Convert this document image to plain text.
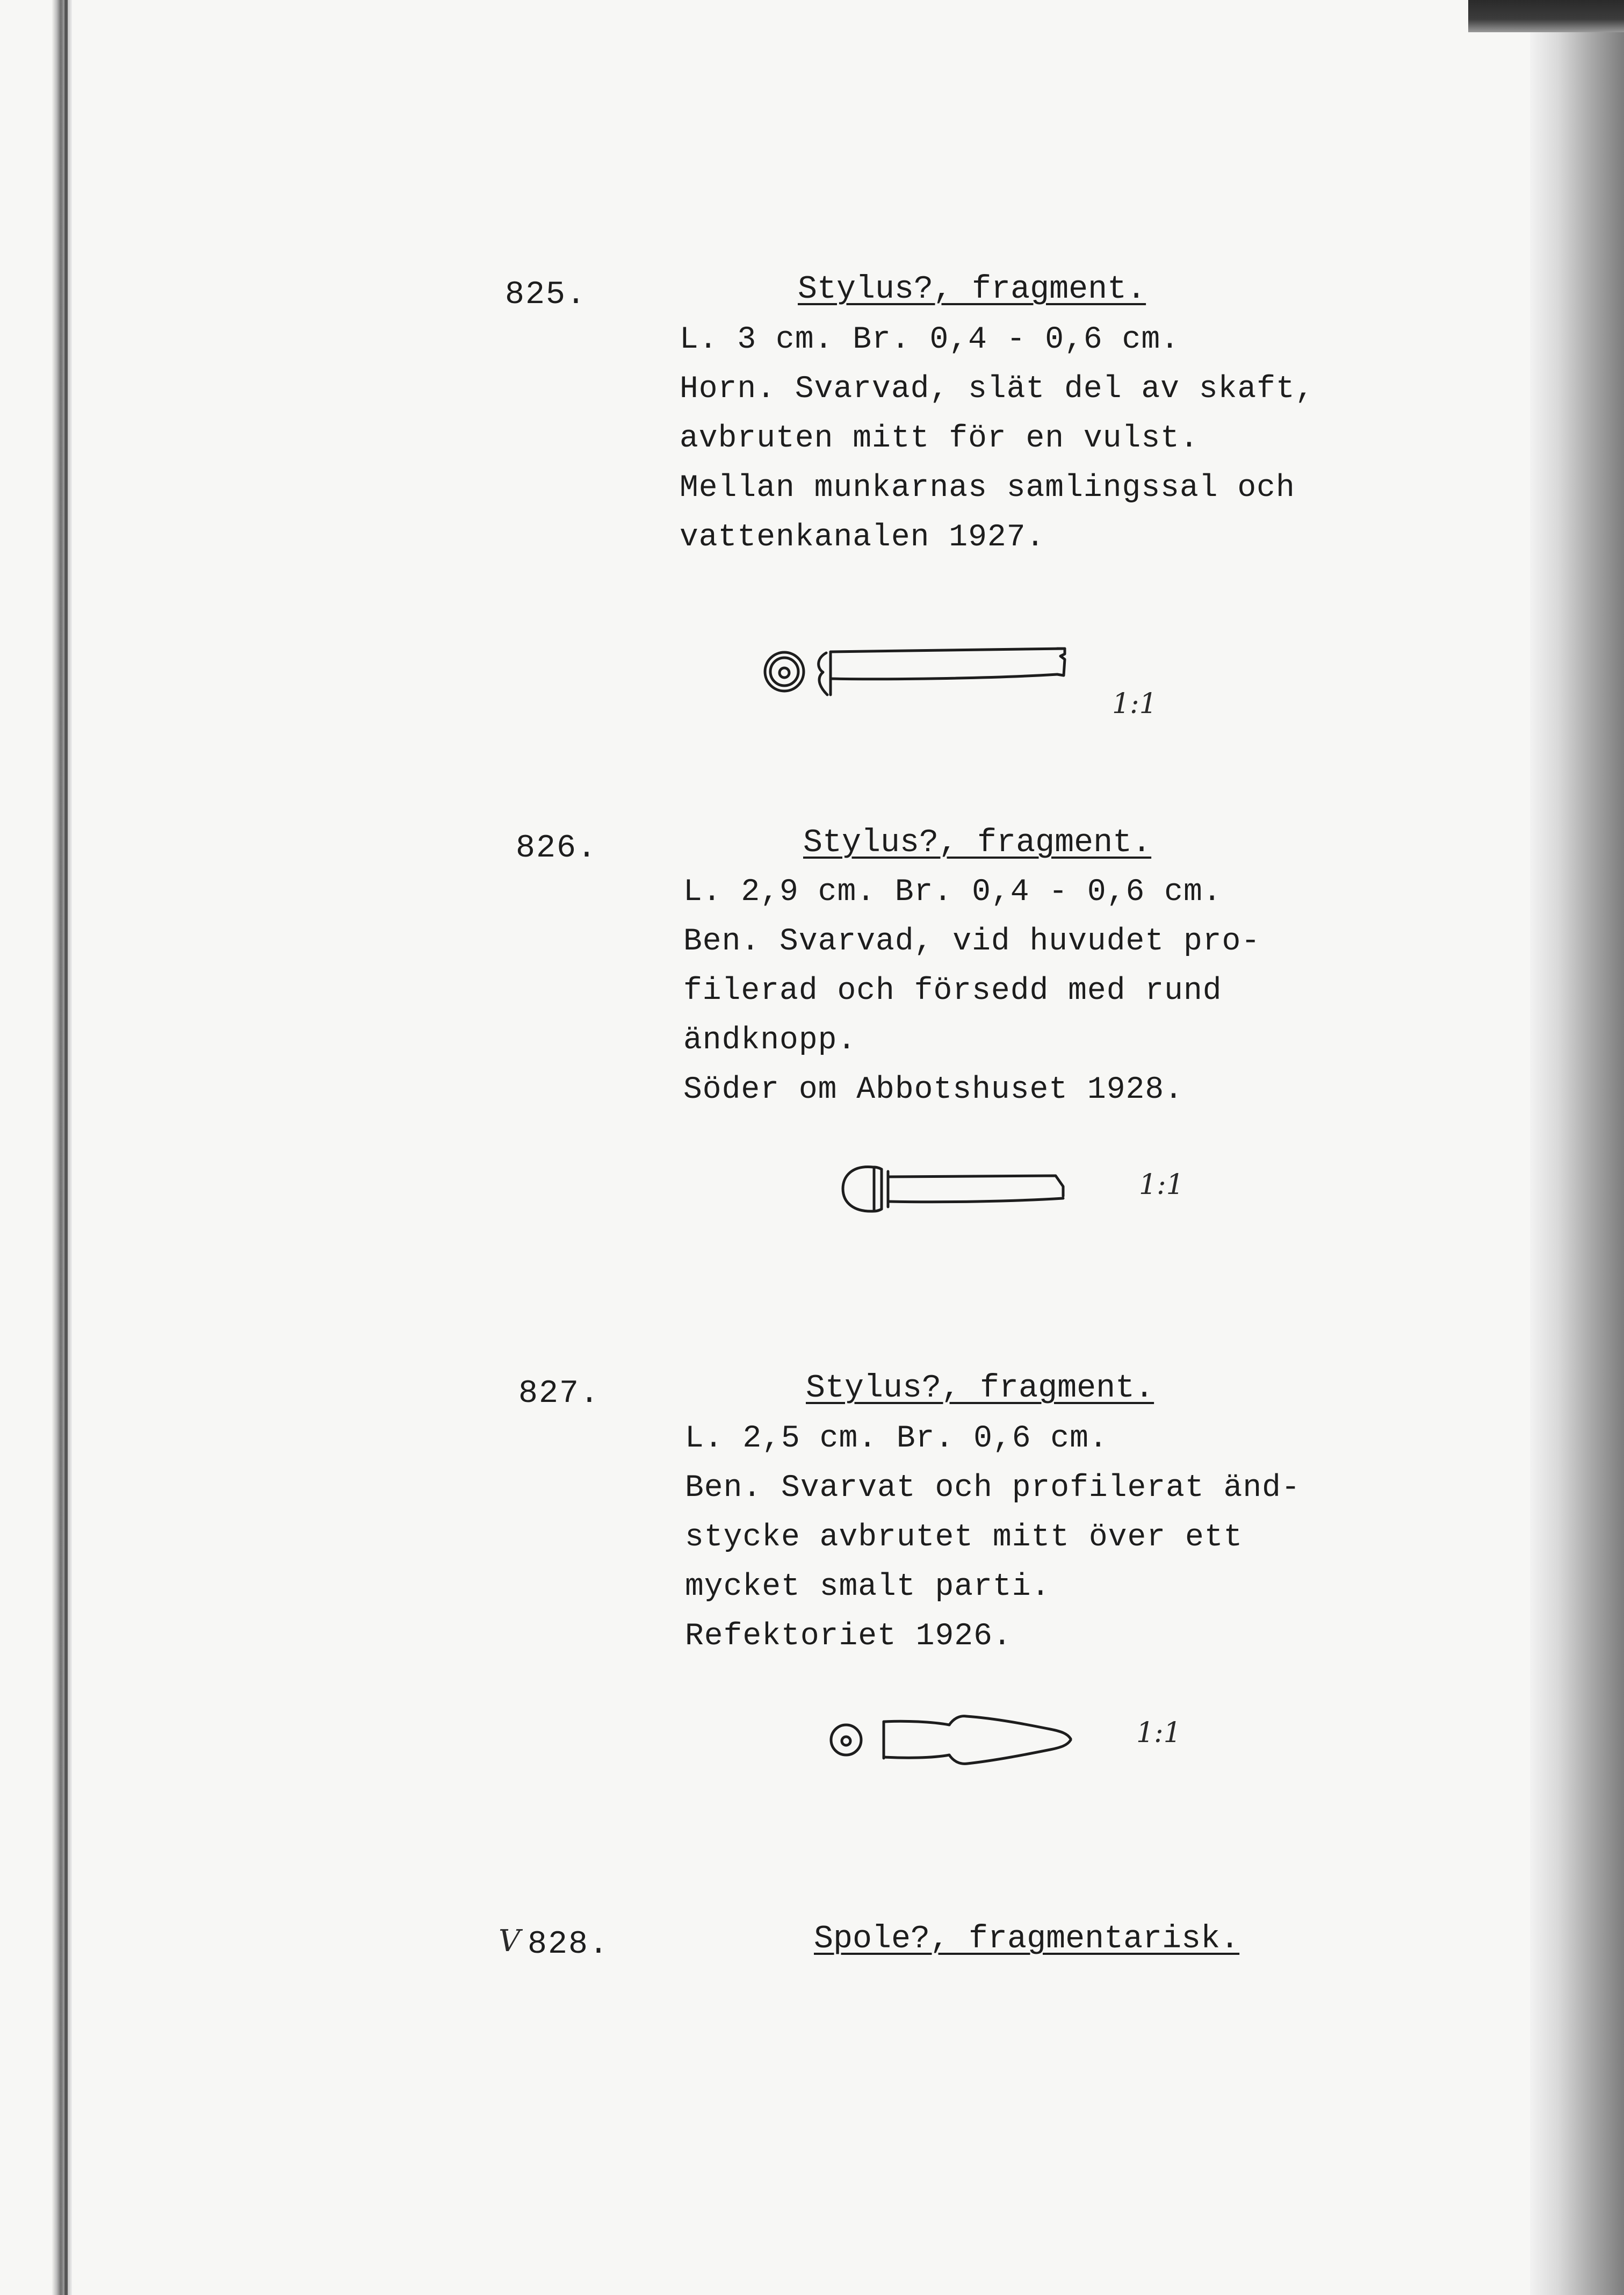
825.	Stylus?, fragment.
L. 3 cm. Br. 0,4 - 0,6 cm.
Horn. Svarvad, slät del av skaft,
avbruten mitt för en vulst.
Mellan munkarnas samlingssal och
vattenkanalen 1927.
1:1
826.	Stylus?, fragment.
L. 2,9 cm. Br. 0,4 - 0,6 cm.
Ben. Svarvad, vid huvudet pro-
filerad och försedd med rund
ändknopp.
Söder om Abbotshuset 1928.
1:1
827.	Stylus?, fragment.
L. 2,5 cm. Br. 0,6 cm.
Ben. Svarvat och profilerat änd-
stycke avbrutet mitt över ett
mycket smalt parti.
Refektoriet 1926.
1:1
V 828.	Spole?, fragmentarisk.
